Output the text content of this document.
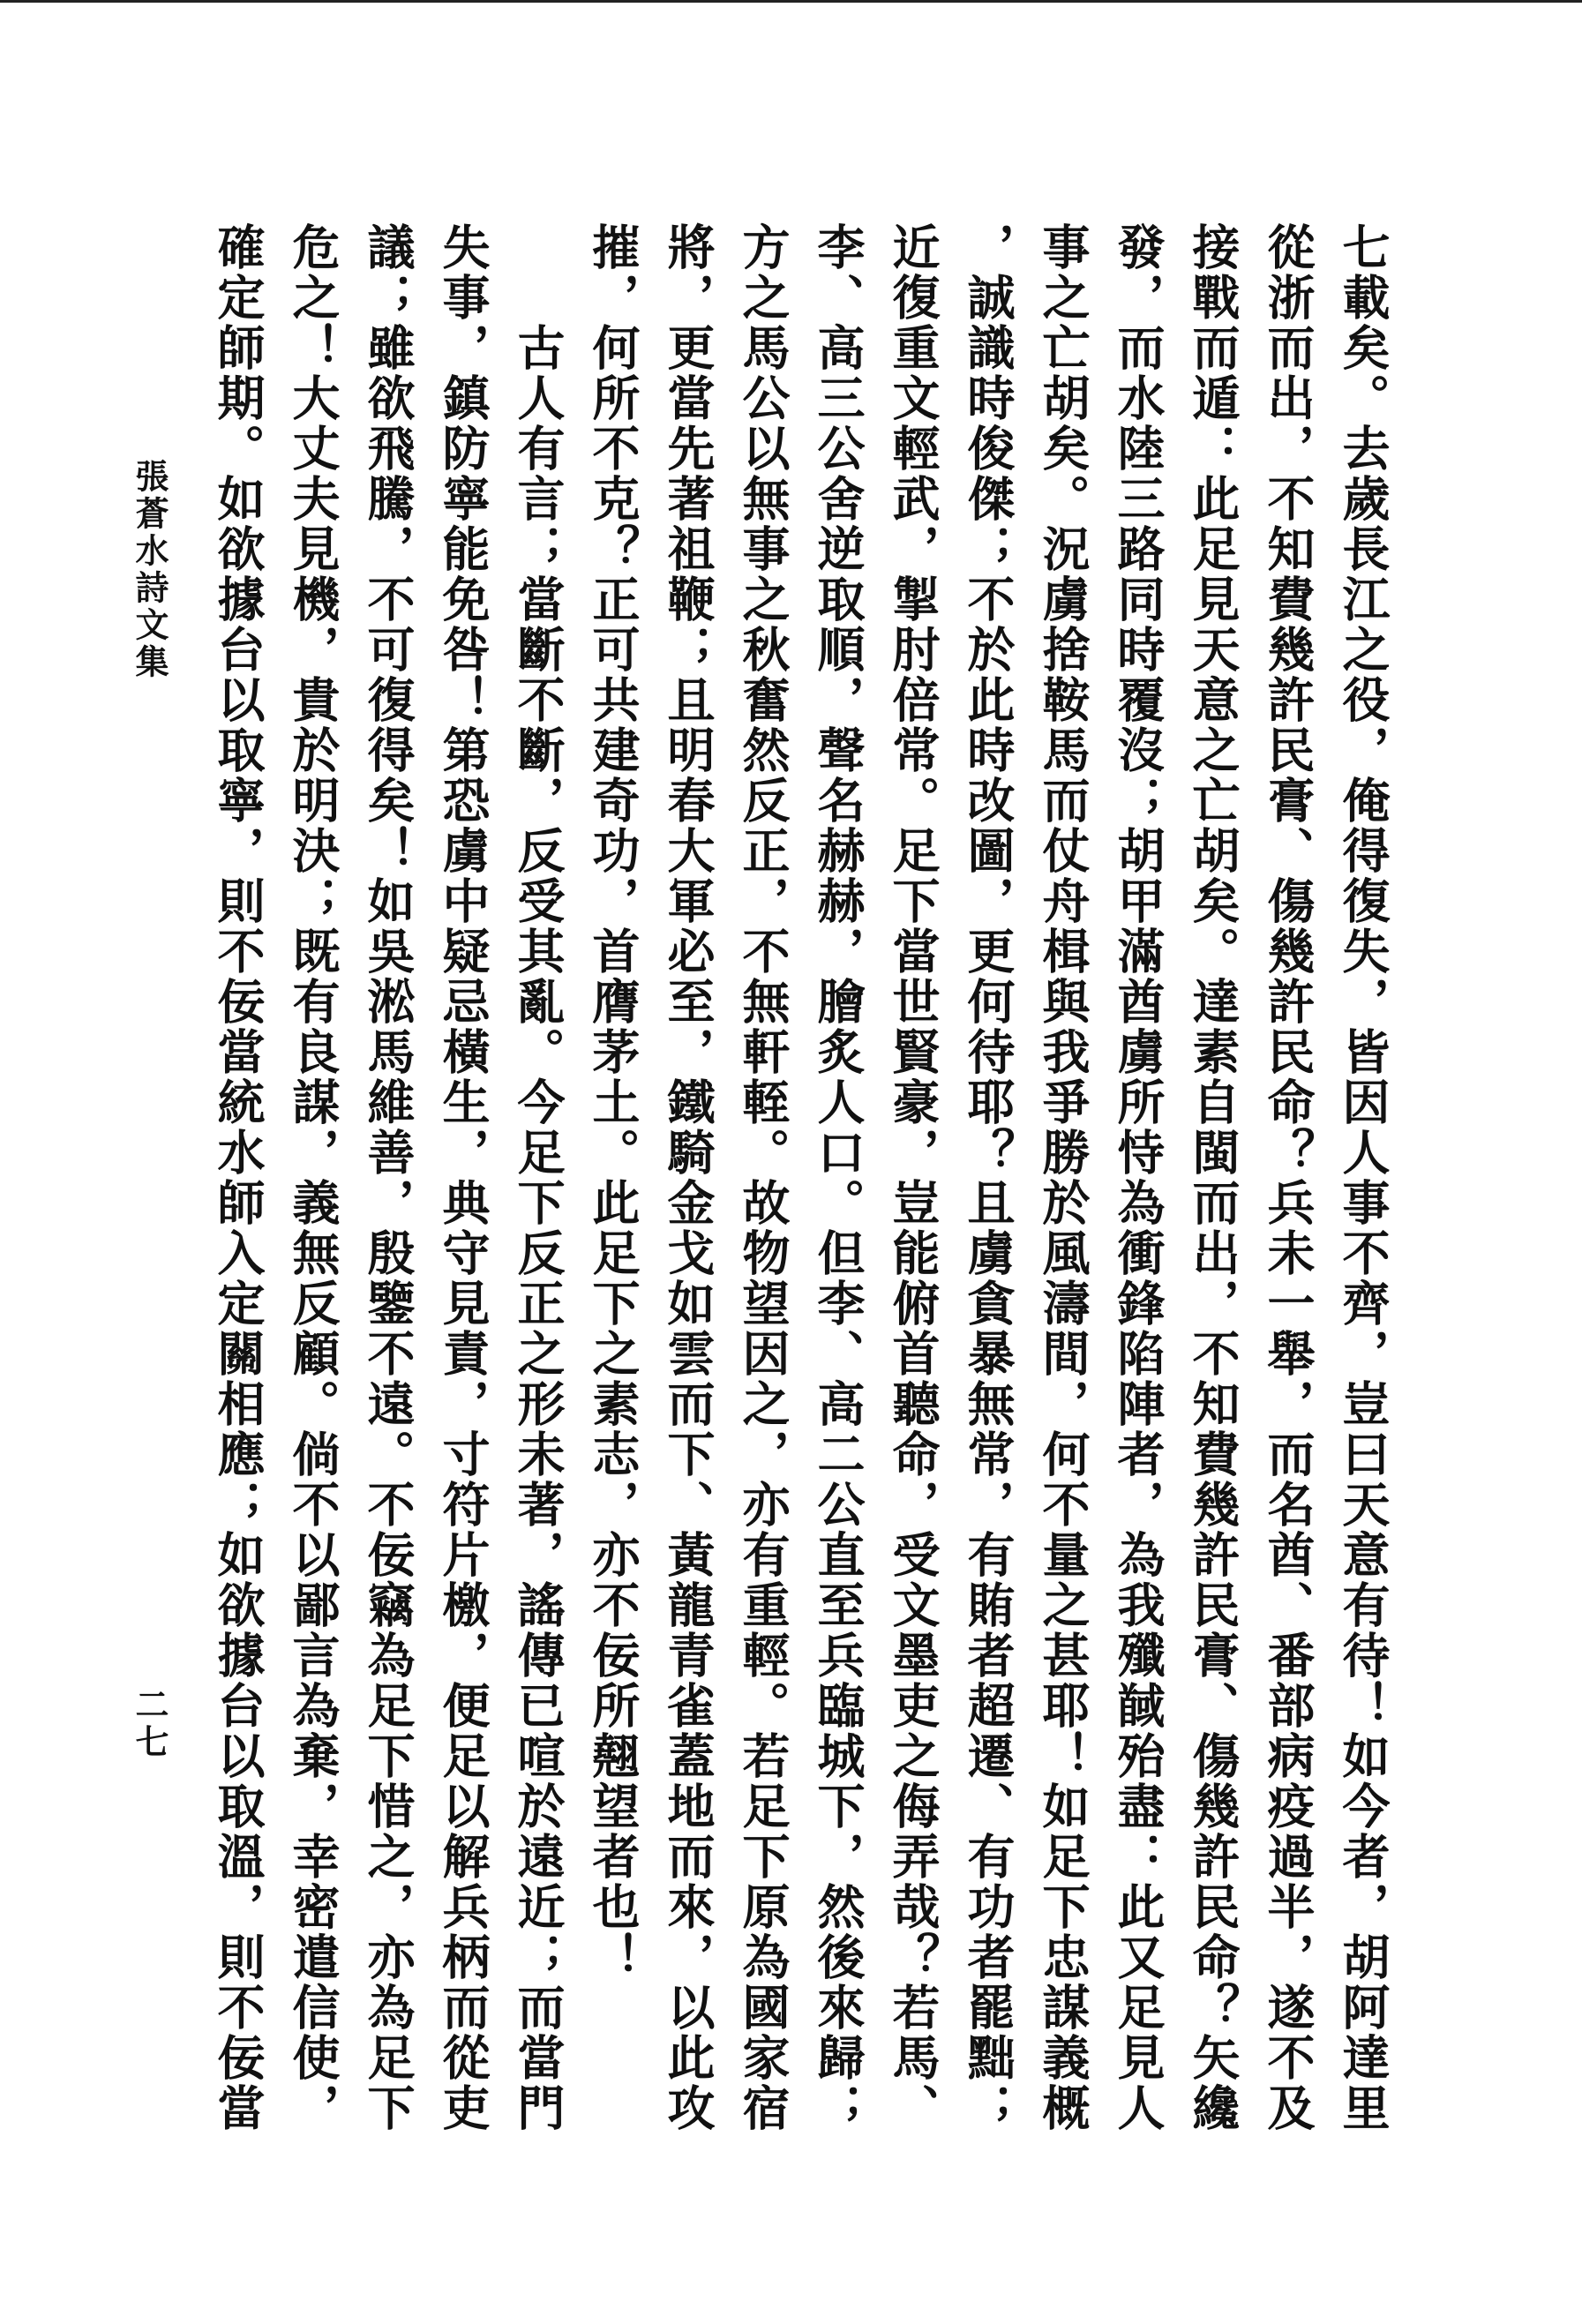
七載矣。去歲長江之役，俺得復失，皆因人事不齊，豈曰天意有待！如今者，胡阿達里
從浙而出，不知費幾許民膏、傷幾許民命？兵未一舉，而名酋、番部病疫過半，遂不及
接戰而遁：此足見天意之亡胡矣。達素自閩而出，不知費幾許民膏、傷幾許民命？矢纔
發，而水陸三路同時覆沒；胡甲滿酋虜所恃為衝鋒陷陣者，為我殲馘殆盡：此又足見人
事之亡胡矣。況虜捨鞍馬而仗舟楫與我爭勝於風濤間，何不量之甚耶！如足下忠謀義概
，誠識時俊傑；不於此時改圖，更何待耶？且虜貪暴無常，有賄者超遷、有功者罷黜；
近復重文輕武，掣肘倍常。足下當世賢豪，豈能俯首聽命，受文墨吏之侮弄哉？若馬、
李、高三公舍逆取順，聲名赫赫，膾炙人口。但李、高二公直至兵臨城下，然後來歸；
方之馬公以無事之秋奮然反正，不無軒輊。故物望因之，亦有重輕。若足下原為國家宿
將，更當先著祖鞭；且明春大軍必至，鐵騎金戈如雲而下、黃龍青雀蓋地而來，以此攻
摧，何所不克？正可共建奇功，首膺茅土。此足下之素志，亦不佞所翹望者也！
　　古人有言；當斷不斷，反受其亂。今足下反正之形未著，謠傳已喧於遠近；而當門
失事，鎮防寧能免咎！第恐虜中疑忌橫生，典守見責，寸符片檄，便足以解兵柄而從吏
議；雖欲飛騰，不可復得矣！如吳淞馬維善，殷鑒不遠。不佞竊為足下惜之，亦為足下
危之！大丈夫見機，貴於明決；既有良謀，義無反顧。倘不以鄙言為棄，幸密遣信使，
確定師期。如欲據台以取寧，則不佞當統水師入定關相應；如欲據台以取溫，則不佞當
張蒼水詩文集
二七
